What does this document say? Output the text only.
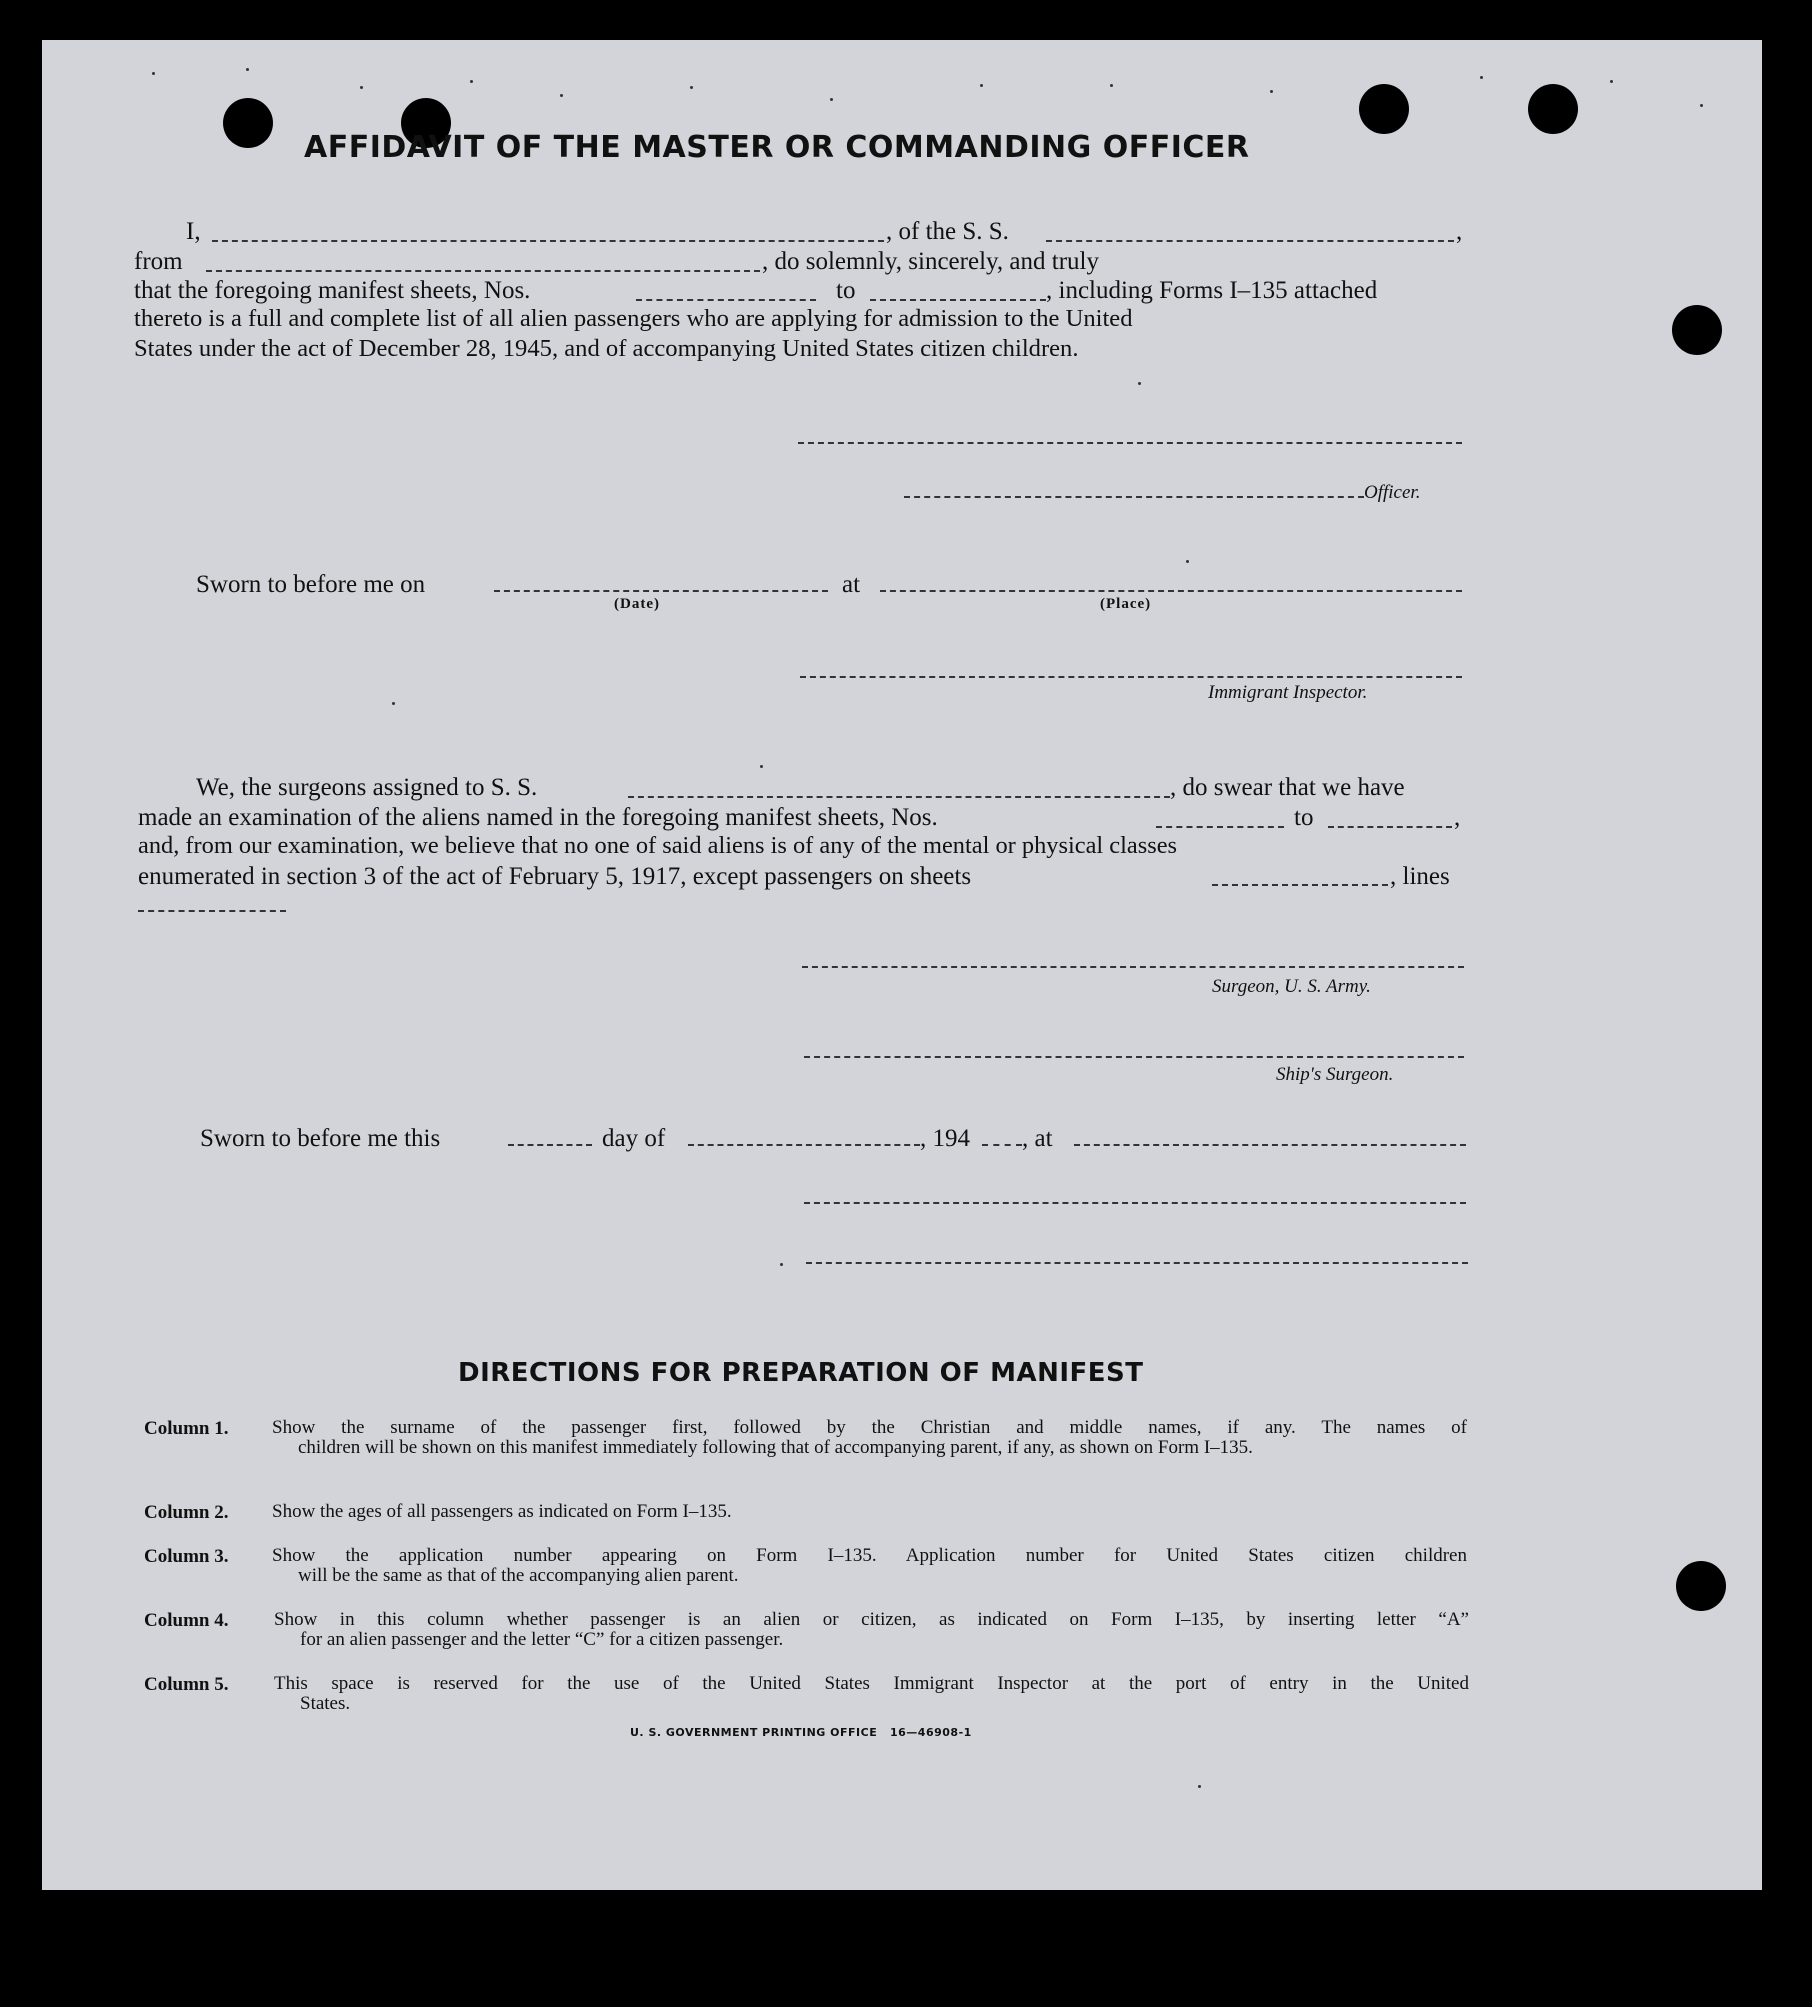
AFFIDAVIT OF THE MASTER OR COMMANDING OFFICER
I,	, of the S. S.	,
from	, do solemnly, sincerely, and truly
that the foregoing manifest sheets, Nos.	to	, including Forms I–135 attached
thereto is a full and complete list of all alien passengers who are applying for admission to the United
States under the act of December 28, 1945, and of accompanying United States citizen children.
Officer.
Sworn to before me on
(Date)
at
(Place)
Immigrant Inspector.
We, the surgeons assigned to S. S.	, do swear that we have
made an examination of the aliens named in the foregoing manifest sheets, Nos.	to	,
and, from our examination, we believe that no one of said aliens is of any of the mental or physical classes
enumerated in section 3 of the act of February 5, 1917, except passengers on sheets	, lines
Surgeon, U. S. Army.
Ship's Surgeon.
Sworn to before me this	day of	, 194 , at
DIRECTIONS FOR PREPARATION OF MANIFEST
Column 1. Show the surname of the passenger first, followed by the Christian and middle names, if any. The names of
children will be shown on this manifest immediately following that of accompanying parent, if any, as shown on Form I–135.
Column 2. Show the ages of all passengers as indicated on Form I–135.
Column 3. Show the application number appearing on Form I–135. Application number for United States citizen children
will be the same as that of the accompanying alien parent.
Column 4. Show in this column whether passenger is an alien or citizen, as indicated on Form I–135, by inserting letter “A”
for an alien passenger and the letter “C” for a citizen passenger.
Column 5. This space is reserved for the use of the United States Immigrant Inspector at the port of entry in the United
States.
U. S. GOVERNMENT PRINTING OFFICE 16—46908-1
